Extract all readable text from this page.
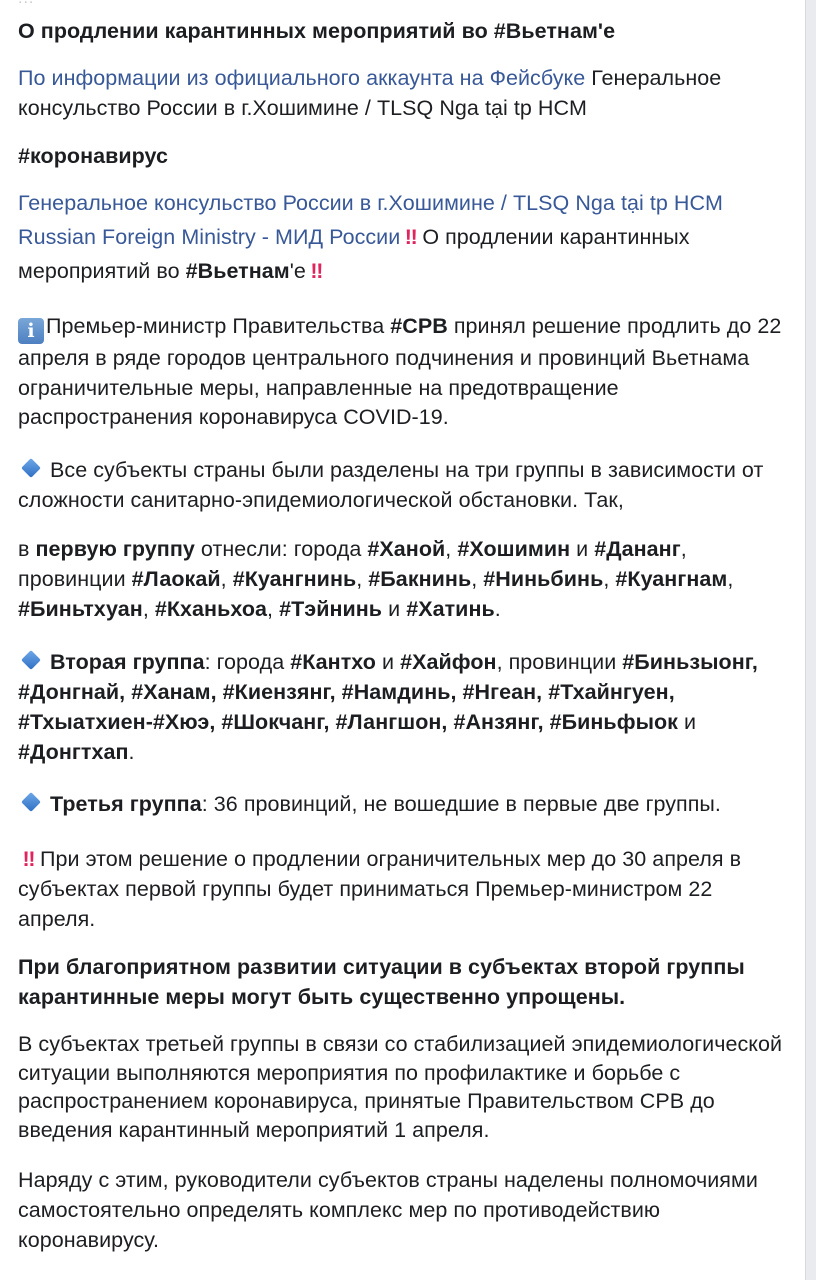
О продлении карантинных мероприятий во #Вьетнам'е

По информации из официального аккаунта на Фейсбуке Генеральное консульство России в г.Хошимине / TLSQ Nga tại tp HCM

#коронавирус

Генеральное консульство России в г.Хошимине / TLSQ Nga tại tp HCM Russian Foreign Ministry - МИД России ‼ О продлении карантинных мероприятий во #Вьетнам'е ‼

i Премьер-министр Правительства #СРВ принял решение продлить до 22 апреля в ряде городов центрального подчинения и провинций Вьетнама ограничительные меры, направленные на предотвращение распространения коронавируса COVID-19.

Все субъекты страны были разделены на три группы в зависимости от сложности санитарно-эпидемиологической обстановки. Так,

в первую группу отнесли: города #Ханой, #Хошимин и #Дананг, провинции #Лаокай, #Куангнинь, #Бакнинь, #Ниньбинь, #Куангнам, #Биньтхуан, #Кханьхоа, #Тэйнинь и #Хатинь.

Вторая группа: города #Кантхо и #Хайфон, провинции #Биньзыонг, #Донгнай, #Ханам, #Киензянг, #Намдинь, #Нгеан, #Тхайнгуен, #Тхыатхиен-#Хюэ, #Шокчанг, #Лангшон, #Анзянг, #Биньфыок и #Донгтхап.

Третья группа: 36 провинций, не вошедшие в первые две группы.

‼ При этом решение о продлении ограничительных мер до 30 апреля в субъектах первой группы будет приниматься Премьер-министром 22 апреля.

При благоприятном развитии ситуации в субъектах второй группы карантинные меры могут быть существенно упрощены.

В субъектах третьей группы в связи со стабилизацией эпидемиологической ситуации выполняются мероприятия по профилактике и борьбе с распространением коронавируса, принятые Правительством СРВ до введения карантинный мероприятий 1 апреля.

Наряду с этим, руководители субъектов страны наделены полномочиями самостоятельно определять комплекс мер по противодействию коронавирусу.
